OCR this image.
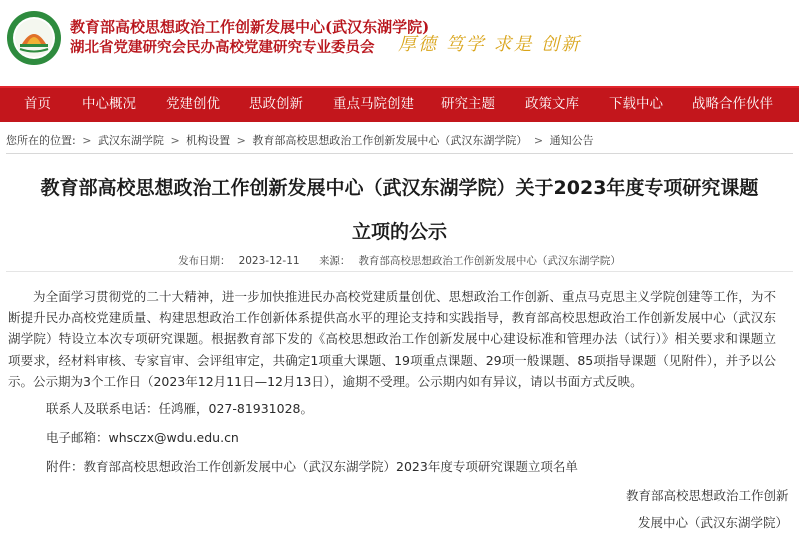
教育部高校思想政治工作创新发展中心(武汉东湖学院)
湖北省党建研究会民办高校党建研究专业委员会 厚德 笃学 求是 创新
首页 中心概况 党建创优 思政创新 重点马院创建 研究主题 政策文库 下载中心 战略合作伙伴
您所在的位置: > 武汉东湖学院 > 机构设置 > 教育部高校思想政治工作创新发展中心（武汉东湖学院） > 通知公告
教育部高校思想政治工作创新发展中心（武汉东湖学院）关于2023年度专项研究课题
立项的公示
发布日期： 2023-12-11 来源： 教育部高校思想政治工作创新发展中心（武汉东湖学院）
为全面学习贯彻党的二十大精神，进一步加快推进民办高校党建质量创优、思想政治工作创新、重点马克思主义学院创建等工作，为不断提升民办高校党建质量、构建思想政治工作创新体系提供高水平的理论支持和实践指导，教育部高校思想政治工作创新发展中心（武汉东湖学院）特设立本次专项研究课题。根据教育部下发的《高校思想政治工作创新发展中心建设标准和管理办法（试行）》相关要求和课题立项要求，经材料审核、专家盲审、会评组审定，共确定1项重大课题、19项重点课题、29项一般课题、85项指导课题（见附件），并予以公示。公示期为3个工作日（2023年12月11日—12月13日），逾期不受理。公示期内如有异议，请以书面方式反映。
联系人及联系电话：任鸿雁，027-81931028。
电子邮箱：whsczx@wdu.edu.cn
附件：教育部高校思想政治工作创新发展中心（武汉东湖学院）2023年度专项研究课题立项名单
教育部高校思想政治工作创新
发展中心（武汉东湖学院）
